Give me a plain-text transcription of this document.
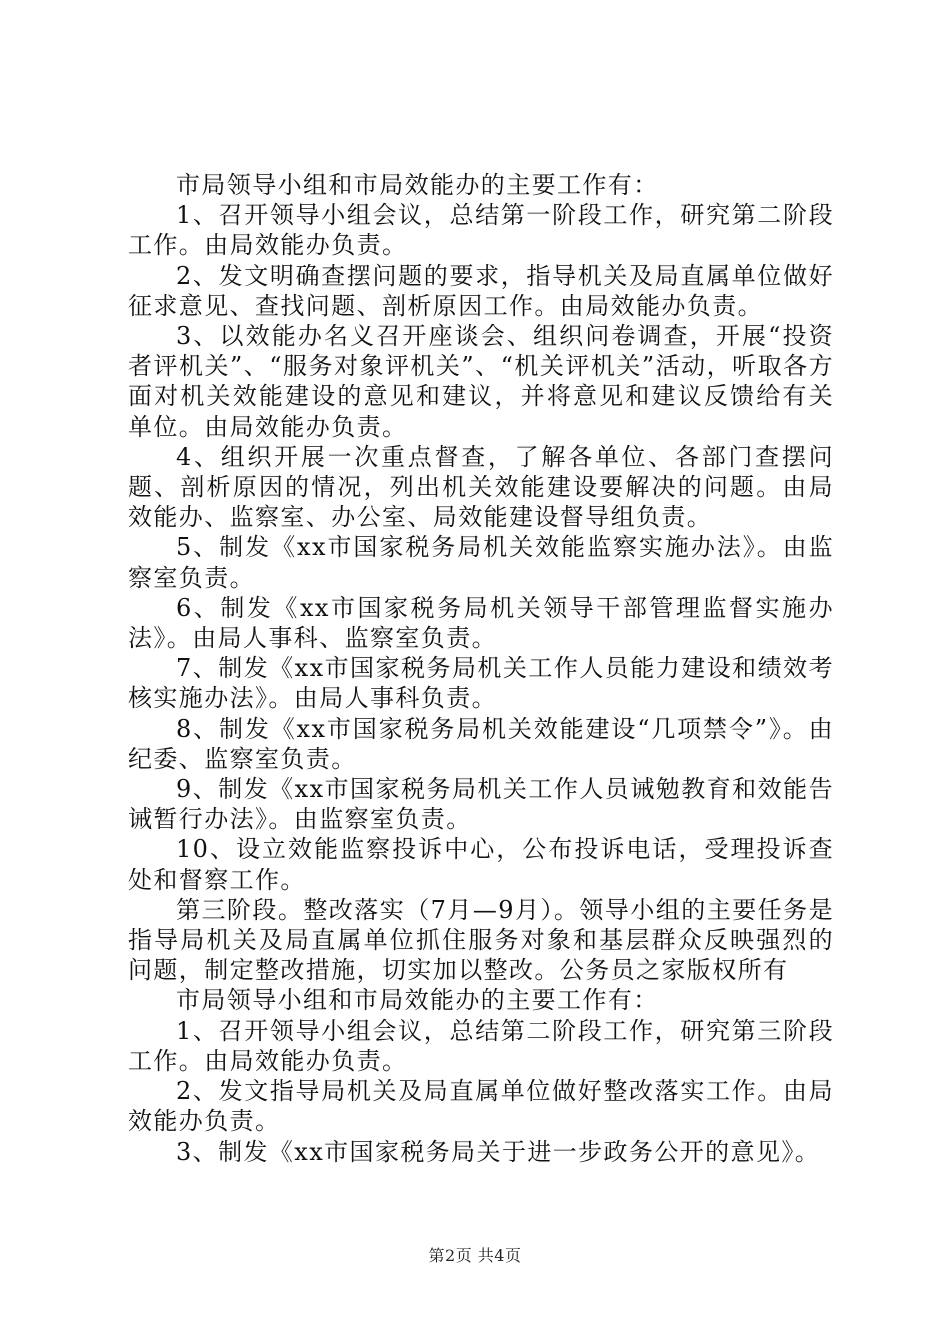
市局领导小组和市局效能办的主要工作有：

1、召开领导小组会议，总结第一阶段工作，研究第二阶段工作。由局效能办负责。

2、发文明确查摆问题的要求，指导机关及局直属单位做好征求意见、查找问题、剖析原因工作。由局效能办负责。

3、以效能办名义召开座谈会、组织问卷调查，开展“投资者评机关”、“服务对象评机关”、“机关评机关”活动，听取各方面对机关效能建设的意见和建议，并将意见和建议反馈给有关单位。由局效能办负责。

4、组织开展一次重点督查，了解各单位、各部门查摆问题、剖析原因的情况，列出机关效能建设要解决的问题。由局效能办、监察室、办公室、局效能建设督导组负责。

5、制发《xx市国家税务局机关效能监察实施办法》。由监察室负责。

6、制发《xx市国家税务局机关领导干部管理监督实施办法》。由局人事科、监察室负责。

7、制发《xx市国家税务局机关工作人员能力建设和绩效考核实施办法》。由局人事科负责。

8、制发《xx市国家税务局机关效能建设“几项禁令”》。由纪委、监察室负责。

9、制发《xx市国家税务局机关工作人员诫勉教育和效能告诫暂行办法》。由监察室负责。

10、设立效能监察投诉中心，公布投诉电话，受理投诉查处和督察工作。

第三阶段。整改落实（7月—9月）。领导小组的主要任务是指导局机关及局直属单位抓住服务对象和基层群众反映强烈的问题，制定整改措施，切实加以整改。公务员之家版权所有

市局领导小组和市局效能办的主要工作有：

1、召开领导小组会议，总结第二阶段工作，研究第三阶段工作。由局效能办负责。

2、发文指导局机关及局直属单位做好整改落实工作。由局效能办负责。

3、制发《xx市国家税务局关于进一步政务公开的意见》。

第2页 共4页
